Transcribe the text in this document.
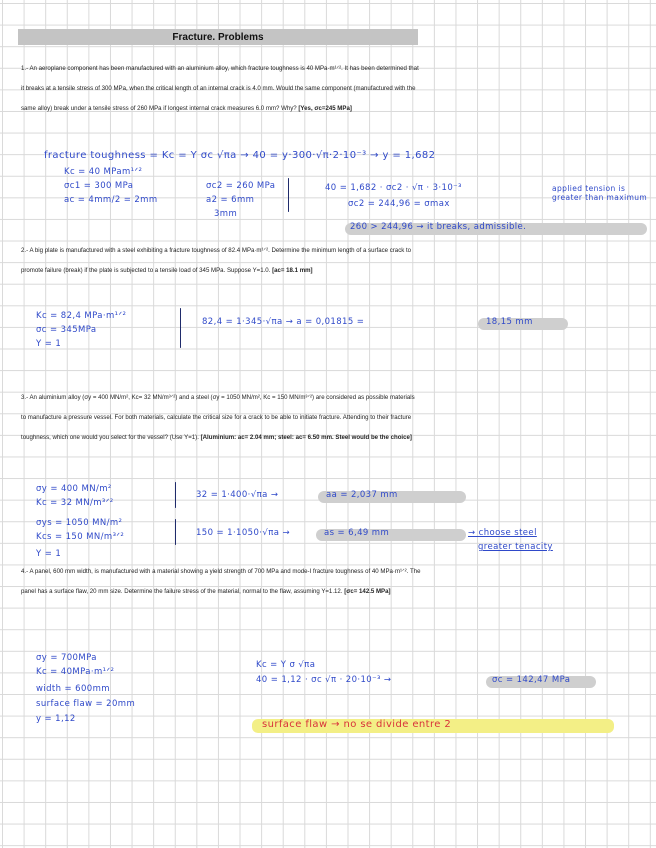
Fracture. Problems

1.- An aeroplane component has been manufactured with an aluminium alloy, which fracture toughness is 40 MPa·m¹ᐟ². It has been determined that it breaks at a tensile stress of 300 MPa, when the critical length of an internal crack is 4.0 mm. Would the same component (manufactured with the same alloy) break under a tensile stress of 260 MPa if longest internal crack measures 6.0 mm? Why? [Yes, σc=245 MPa]

fracture toughness = Kc = Y σc √πa → 40 = y·300·√π·2·10⁻³ → y = 1,682
Kc = 40 MPam¹ᐟ²
σc1 = 300 MPa
ac = 4mm/2 = 2mm
σc2 = 260 MPa
a2 = 6mm
3mm
40 = 1,682 · σc2 · √π · 3·10⁻³
σc2 = 244,96 = σmax
260 > 244,96 → it breaks, admissible.
applied tension is greater than maximum

2.- A big plate is manufactured with a steel exhibiting a fracture toughness of 82.4 MPa·m¹ᐟ². Determine the minimum length of a surface crack to promote failure (break) if the plate is subjected to a tensile load of 345 MPa. Suppose Y=1.0. [ac= 18.1 mm]

Kc = 82,4 MPa·m¹ᐟ²
σc = 345MPa
Y = 1
82,4 = 1·345·√πa → a = 0,01815 =	18,15 mm

3.- An aluminium alloy (σy = 400 MN/m², Kc= 32 MN/m³ᐟ²) and a steel (σy = 1050 MN/m², Kc = 150 MN/m³ᐟ²) are considered as possible materials to manufacture a pressure vessel. For both materials, calculate the critical size for a crack to be able to initiate fracture. Attending to their fracture toughness, which one would you select for the vessel? (Use Y=1). [Aluminium: ac= 2.04 mm; steel: ac= 6.50 mm. Steel would be the choice]

σy = 400 MN/m²
Kc = 32 MN/m³ᐟ²
σys = 1050 MN/m²
Kcs = 150 MN/m³ᐟ²
Y = 1
32 = 1·400·√πa →	aa = 2,037 mm
150 = 1·1050·√πa →	as = 6,49 mm	→ choose steel
greater tenacity

4.- A panel, 600 mm width, is manufactured with a material showing a yield strength of 700 MPa and mode-I fracture toughness of 40 MPa·m¹ᐟ². The panel has a surface flaw, 20 mm size. Determine the failure stress of the material, normal to the flaw, assuming Y=1.12. [σc= 142.5 MPa]

σy = 700MPa
Kc = 40MPa·m¹ᐟ²
width = 600mm
surface flaw = 20mm
y = 1,12
Kc = Y σ √πa
40 = 1,12 · σc √π · 20·10⁻³ →	σc = 142,47 MPa
surface flaw → no se divide entre 2
